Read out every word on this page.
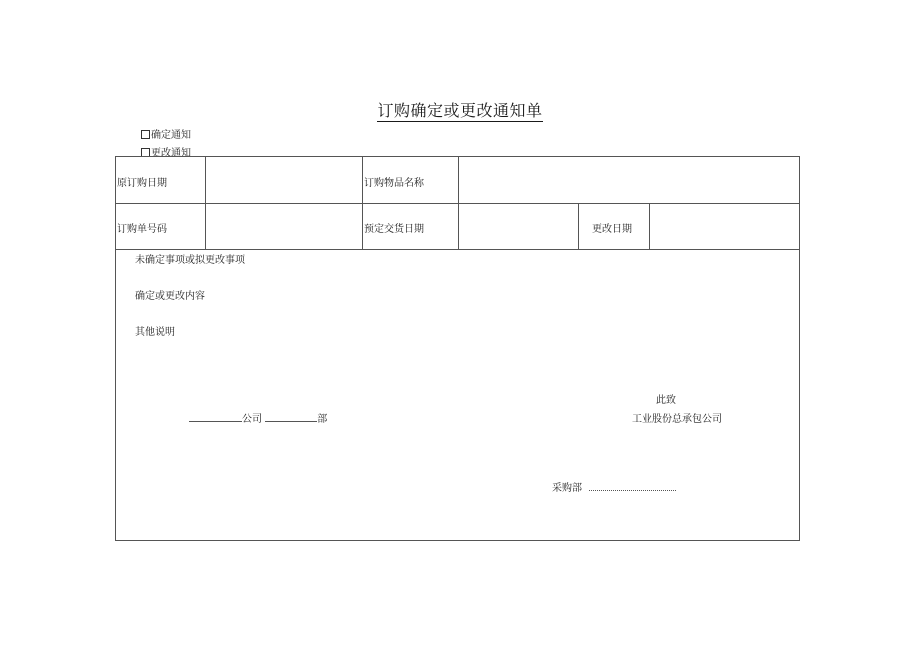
订购确定或更改通知单
确定通知
更改通知
原订购日期	订购物品名称
订购单号码	预定交货日期	更改日期
未确定事项或拟更改事项
确定或更改内容
其他说明
此致
公司	部	工业股份总承包公司
采购部
